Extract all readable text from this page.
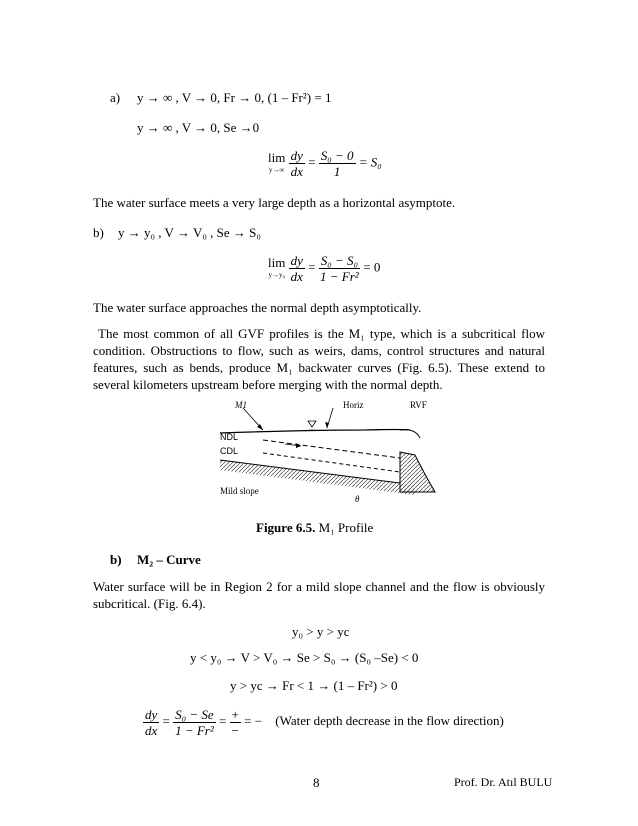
a) y → ∞ , V → 0, Fr → 0, (1 – Fr²) = 1
y → ∞ , V → 0, Se →0
lim
y→∞
$\frac{dy}{dx} = \frac{\text{S₀ − 0}}{1} = S_0$
The water surface meets a very large depth as a horizontal asymptote.
b) y → y₀ , V → V₀ , Se → S₀
lim
y→y₀
$\frac{dy}{dx} = \frac{\text{S₀ − S₀}}{\text{1 − Fr²}} = 0$
The water surface approaches the normal depth asymptotically.
The most common of all GVF profiles is the M₁ type, which is a subcritical flow condition. Obstructions to flow, such as weirs, dams, control structures and natural features, such as bends, produce M₁ backwater curves (Fig. 6.5). These extend to several kilometers upstream before merging with the normal depth.
M1	Horiz	RVF
NDL
CDL
Mild slope
θ
Figure 6.5. M₁ Profile
b) M₂ – Curve
Water surface will be in Region 2 for a mild slope channel and the flow is obviously subcritical. (Fig. 6.4).
y₀ > y > yc
y < y₀ → V > V₀ → Se > S₀ → (S₀ –Se) < 0
y > yc → Fr < 1 → (1 – Fr²) > 0
$\frac{dy}{dx} = \frac{\text{S₀ − Se}}{\text{1 − Fr²}} = \frac{+}{-}$ = − (Water depth decrease in the flow direction)
8	Prof. Dr. Atıl BULU
